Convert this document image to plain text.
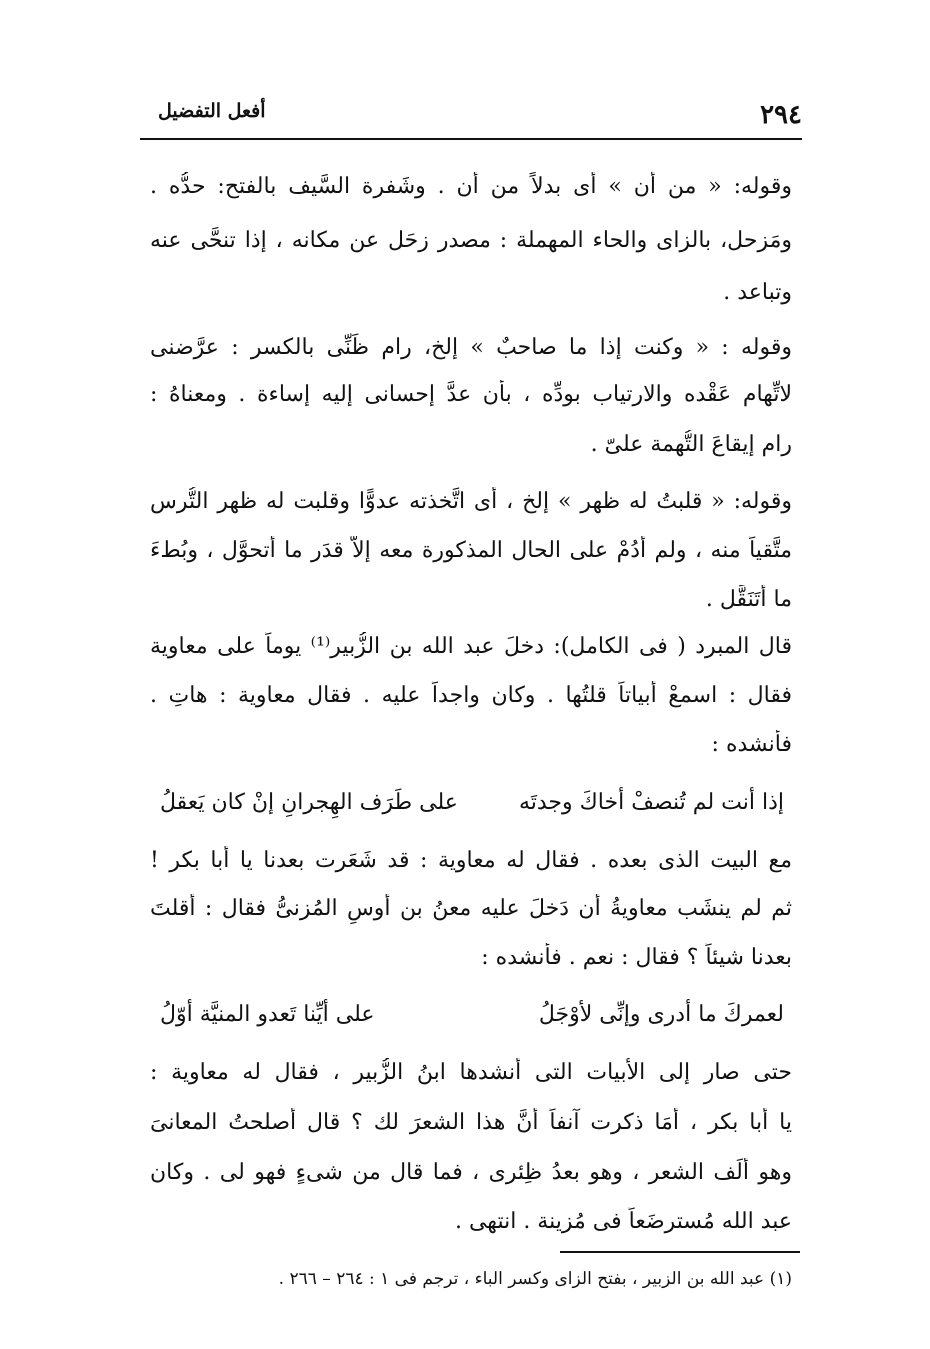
٢٩٤
أفعل التفضيل
وقوله: « من أن » أى بدلاً من أن . وشَفرة السَّيف بالفتح: حدُّه .
ومَزحل، بالزاى والحاء المهملة : مصدر زحَل عن مكانه ، إذا تنحَّى عنه
وتباعد .
وقوله : « وكنت إذا ما صاحبٌ » إلخ، رام ظَنِّى بالكسر : عرَّضنى
لاتِّهام عَقْده والارتياب بودِّه ، بأن عدَّ إحسانى إليه إساءة . ومعناهُ :
رام إيقاعَ التُّهمة علىّ .
وقوله: « قلبتُ له ظهر » إلخ ، أى اتَّخذته عدوًّا وقلبت له ظهر التُّرس
متَّقياً منه ، ولم أدُمْ على الحال المذكورة معه إلاَّ قدَر ما أتحوَّل ، وبُطءَ
ما أتَنَقَّل .
قال المبرد ( فى الكامل): دخلَ عبد الله بن الزُّبير⁽¹⁾ يوماً على معاوية
فقال : اسمعْ أبياتاً قلتُها . وكان واجداً عليه . فقال معاوية : هاتِ .
فأنشده :
إذا أنت لم تُنصفْ أخاكَ وجدتَه
على طَرَف الهِجرانِ إنْ كان يَعقلُ
مع البيت الذى بعده . فقال له معاوية : قد شَعَرت بعدنا يا أبا بكر !
ثم لم ينشَب معاويةُ أن دَخلَ عليه معنُ بن أوسٍ المُزنىُّ فقال : أقلتَ
بعدنا شيئاً ؟ فقال : نعم . فأنشده :
لعمركَ ما أدرى وإنِّى لأوْجَلُ
على أيِّنا تَعدو المنيَّة أوّلُ
حتى صار إلى الأبيات التى أنشدها ابنُ الزُّبير ، فقال له معاوية :
يا أبا بكر ، أمَا ذكرت آنفاً أنَّ هذا الشعرَ لك ؟ قال أصلحتُ المعانىَ
وهو ألِّف الشعر ، وهو بعدُ ظِئرى ، فما قال من شىءٍ فهو لى . وكان
عبد الله مُسترضَعاً فى مُزينة . انتهى .
(١) عبد الله بن الزبير ، بفتح الزاى وكسر الباء ، ترجم فى ١ : ٢٦٤ – ٢٦٦ .
